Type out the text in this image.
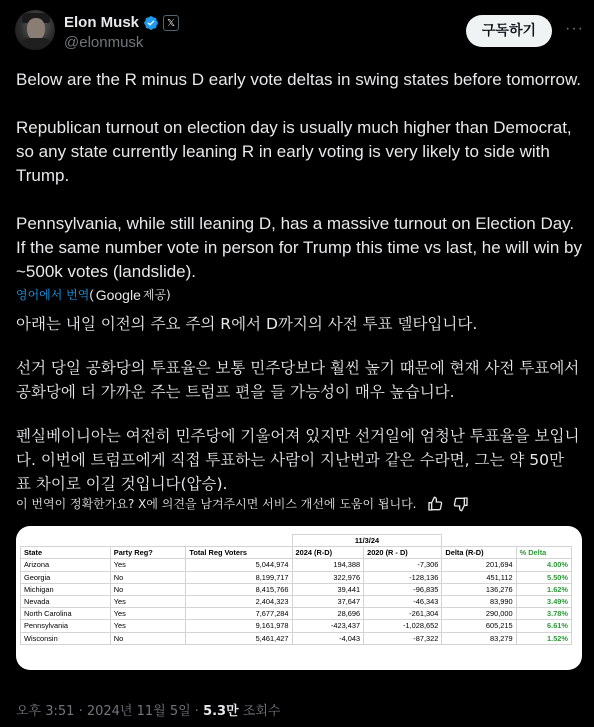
Elon Musk	𝕏
@elonmusk
구독하기	···

Below are the R minus D early vote deltas in swing states before tomorrow.

Republican turnout on election day is usually much higher than Democrat, so any state currently leaning R in early voting is very likely to side with Trump.

Pennsylvania, while still leaning D, has a massive turnout on Election Day. If the same number vote in person for Trump this time vs last, he will win by ~500k votes (landslide).

영어에서 번역 ( Google 제공)

아래는 내일 이전의 주요 주의 R에서 D까지의 사전 투표 델타입니다.

선거 당일 공화당의 투표율은 보통 민주당보다 훨씬 높기 때문에 현재 사전 투표에서 공화당에 더 가까운 주는 트럼프 편을 들 가능성이 매우 높습니다.

펜실베이니아는 여전히 민주당에 기울어져 있지만 선거일에 엄청난 투표율을 보입니다. 이번에 트럼프에게 직접 투표하는 사람이 지난번과 같은 수라면, 그는 약 50만 표 차이로 이길 것입니다(압승).

이 번역이 정확한가요? X에 의견을 남겨주시면 서비스 개선에 도움이 됩니다.
			11/3/24			
State	Party Reg?	Total Reg Voters	2024 (R-D)	2020 (R - D)	Delta (R-D)	% Delta
Arizona	Yes	5,044,974	194,388	-7,306	201,694	4.00%
Georgia	No	8,199,717	322,976	-128,136	451,112	5.50%
Michigan	No	8,415,766	39,441	-96,835	136,276	1.62%
Nevada	Yes	2,404,323	37,647	-46,343	83,990	3.49%
North Carolina	Yes	7,677,284	28,696	-261,304	290,000	3.78%
Pennsylvania	Yes	9,161,978	-423,437	-1,028,652	605,215	6.61%
Wisconsin	No	5,461,427	-4,043	-87,322	83,279	1.52%
오후 3:51 · 2024년 11월 5일 · 5.3만 조회수
